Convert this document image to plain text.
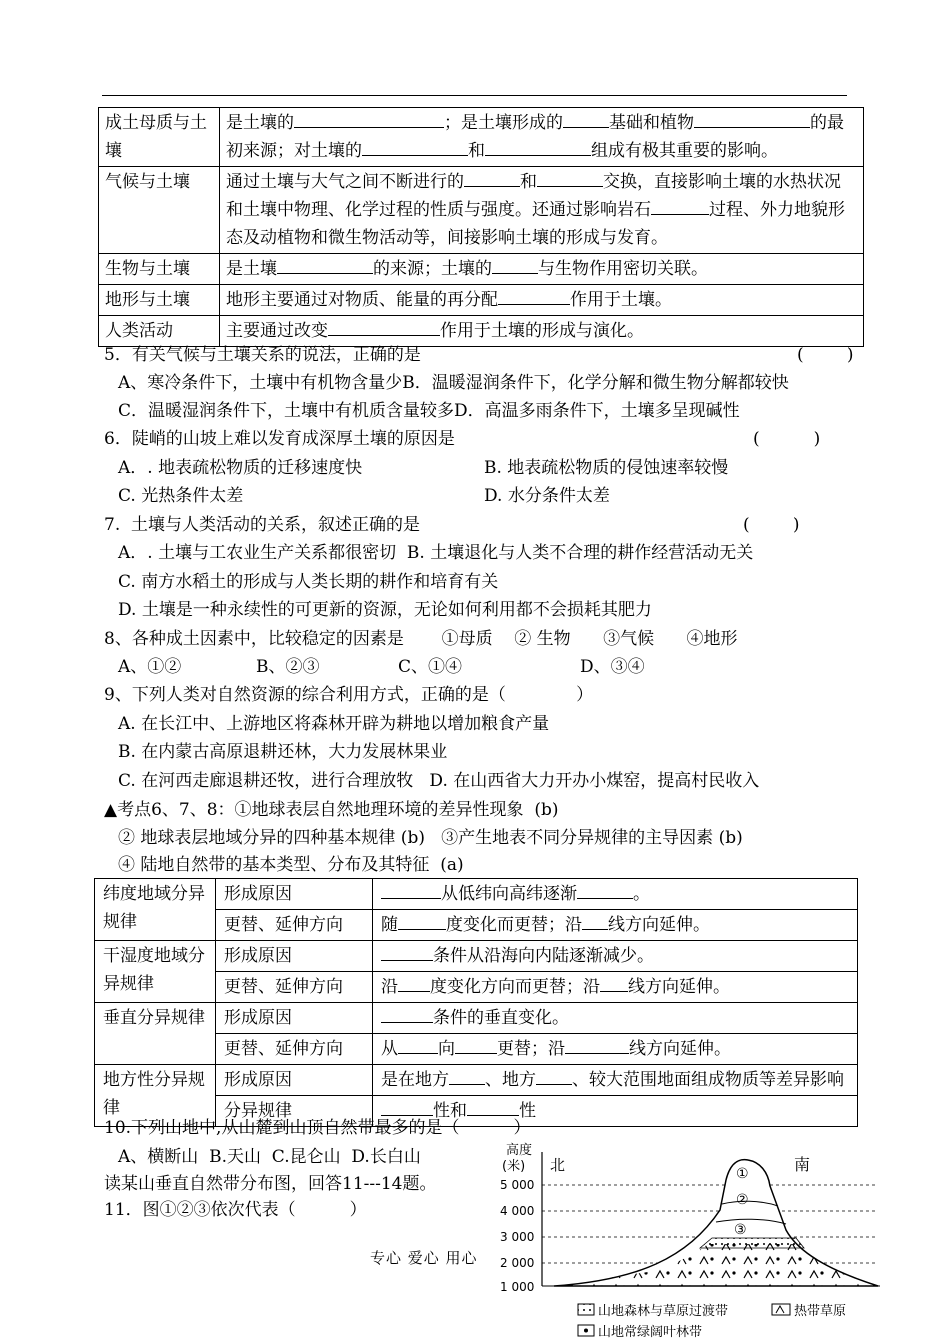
成土母质与土壤	是土壤的 ；是土壤形成的 基础和植物 的最初来源；对土壤的 和 组成有极其重要的影响。
气候与土壤	通过土壤与大气之间不断进行的 和 交换，直接影响土壤的水热状况和土壤中物理、化学过程的性质与强度。还通过影响岩石 过程、外力地貌形态及动植物和微生物活动等，间接影响土壤的形成与发育。
生物与土壤	是土壤 的来源；土壤的 与生物作用密切关联。
地形与土壤	地形主要通过对物质、能量的再分配 作用于土壤。
人类活动	主要通过改变 作用于土壤的形成与演化。
5．有关气候与土壤关系的说法，正确的是	(        )
A、寒冷条件下，土壤中有机物含量少B．温暖湿润条件下，化学分解和微生物分解都较快
C．温暖湿润条件下，土壤中有机质含量较多D．高温多雨条件下，土壤多呈现碱性
6．陡峭的山坡上难以发育成深厚土壤的原因是	(          )
A．. 地表疏松物质的迁移速度快	B. 地表疏松物质的侵蚀速率较慢
C. 光热条件太差	D. 水分条件太差
7.  土壤与人类活动的关系，叙述正确的是	(        )
A．. 土壤与工农业生产关系都很密切  B. 土壤退化与人类不合理的耕作经营活动无关
C. 南方水稻土的形成与人类长期的耕作和培育有关
D. 土壤是一种永续性的可更新的资源，无论如何利用都不会损耗其肥力
8、各种成土因素中，比较稳定的因素是       ①母质    ② 生物      ③气候      ④地形
A、①②	B、②③	C、①④	D、③④
9、下列人类对自然资源的综合利用方式，正确的是（             ）
A. 在长江中、上游地区将森林开辟为耕地以增加粮食产量
B. 在内蒙古高原退耕还林，大力发展林果业
C. 在河西走廊退耕还牧，进行合理放牧   D. 在山西省大力开办小煤窑，提高村民收入
▲考点6、7、8：①地球表层自然地理环境的差异性现象  (b)
② 地球表层地域分异的四种基本规律 (b)   ③产生地表不同分异规律的主导因素 (b)
④ 陆地自然带的基本类型、分布及其特征  (a)
纬度地域分异规律	形成原因	从低纬向高纬逐渐 。
	更替、延伸方向	随 度变化而更替；沿 线方向延伸。
干湿度地域分异规律	形成原因	条件从沿海向内陆逐渐减少。
	更替、延伸方向	沿 度变化方向而更替；沿 线方向延伸。
垂直分异规律	形成原因	条件的垂直变化。
	更替、延伸方向	从 向 更替；沿 线方向延伸。
地方性分异规律	形成原因	是在地方 、地方 、较大范围地面组成物质等差异影响
	分异规律	性和 性
10.下列山地中,从山麓到山顶自然带最多的是（          ）
A、横断山  B.天山  C.昆仑山  D.长白山
读某山垂直自然带分布图，回答11---14题。
11．图①②③依次代表（          ）
高度
(米) 北	南
5 000
4 000
3 000
2 000
1 000
①
②
③
山地森林与草原过渡带	热带草原
山地常绿阔叶林带
专心 爱心 用心
